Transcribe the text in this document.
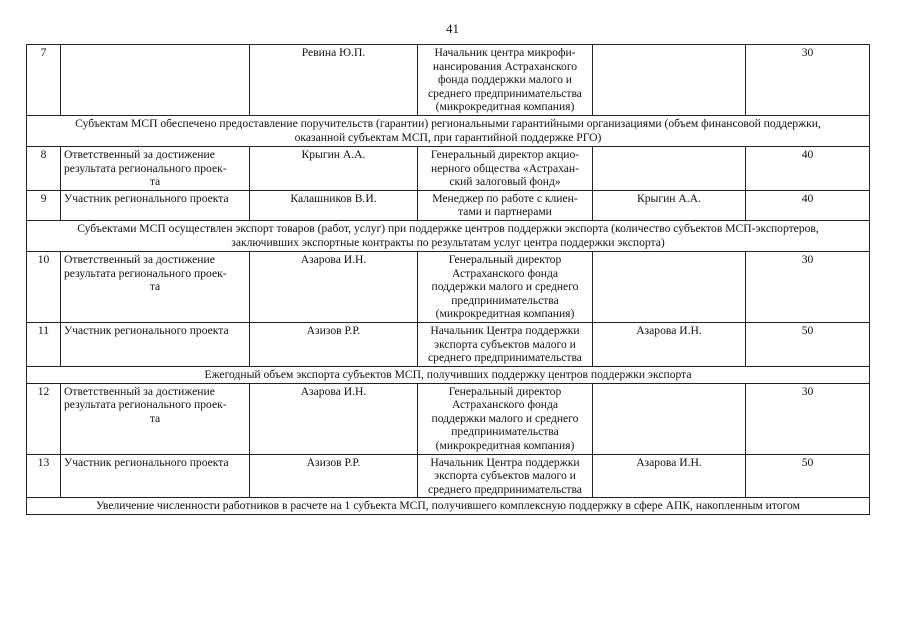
41
7		Ревина Ю.П.	Начальник центра микрофи-
нансирования Астраханского
фонда поддержки малого и
среднего предпринимательства
(микрокредитная компания)		30

Субъектам МСП обеспечено предоставление поручительств (гарантии) региональными гарантийными организациями (объем финансовой поддержки,
оказанной субъектам МСП, при гарантийной поддержке РГО)					

8	Ответственный за достижение
результата регионального проек-
та	Крыгин А.А.	Генеральный директор акцио-
нерного общества «Астрахан-
ский залоговый фонд»		40
9	Участник регионального проекта	Калашников В.И.	Менеджер по работе с клиен-
тами и партнерами	Крыгин А.А.	40

Субъектами МСП осуществлен экспорт товаров (работ, услуг) при поддержке центров поддержки экспорта (количество субъектов МСП-экспортеров,
заключивших экспортные контракты по результатам услуг центра поддержки экспорта)					

10	Ответственный за достижение
результата регионального проек-
та	Азарова И.Н.	Генеральный директор
Астраханского фонда
поддержки малого и среднего
предпринимательства
(микрокредитная компания)		30
11	Участник регионального проекта	Азизов Р.Р.	Начальник Центра поддержки
экспорта субъектов малого и
среднего предпринимательства	Азарова И.Н.	50

Ежегодный объем экспорта субъектов МСП, получивших поддержку центров поддержки экспорта					

12	Ответственный за достижение
результата регионального проек-
та	Азарова И.Н.	Генеральный директор
Астраханского фонда
поддержки малого и среднего
предпринимательства
(микрокредитная компания)		30
13	Участник регионального проекта	Азизов Р.Р.	Начальник Центра поддержки
экспорта субъектов малого и
среднего предпринимательства	Азарова И.Н.	50

Увеличение численности работников в расчете на 1 субъекта МСП, получившего комплексную поддержку в сфере АПК, накопленным итогом					
